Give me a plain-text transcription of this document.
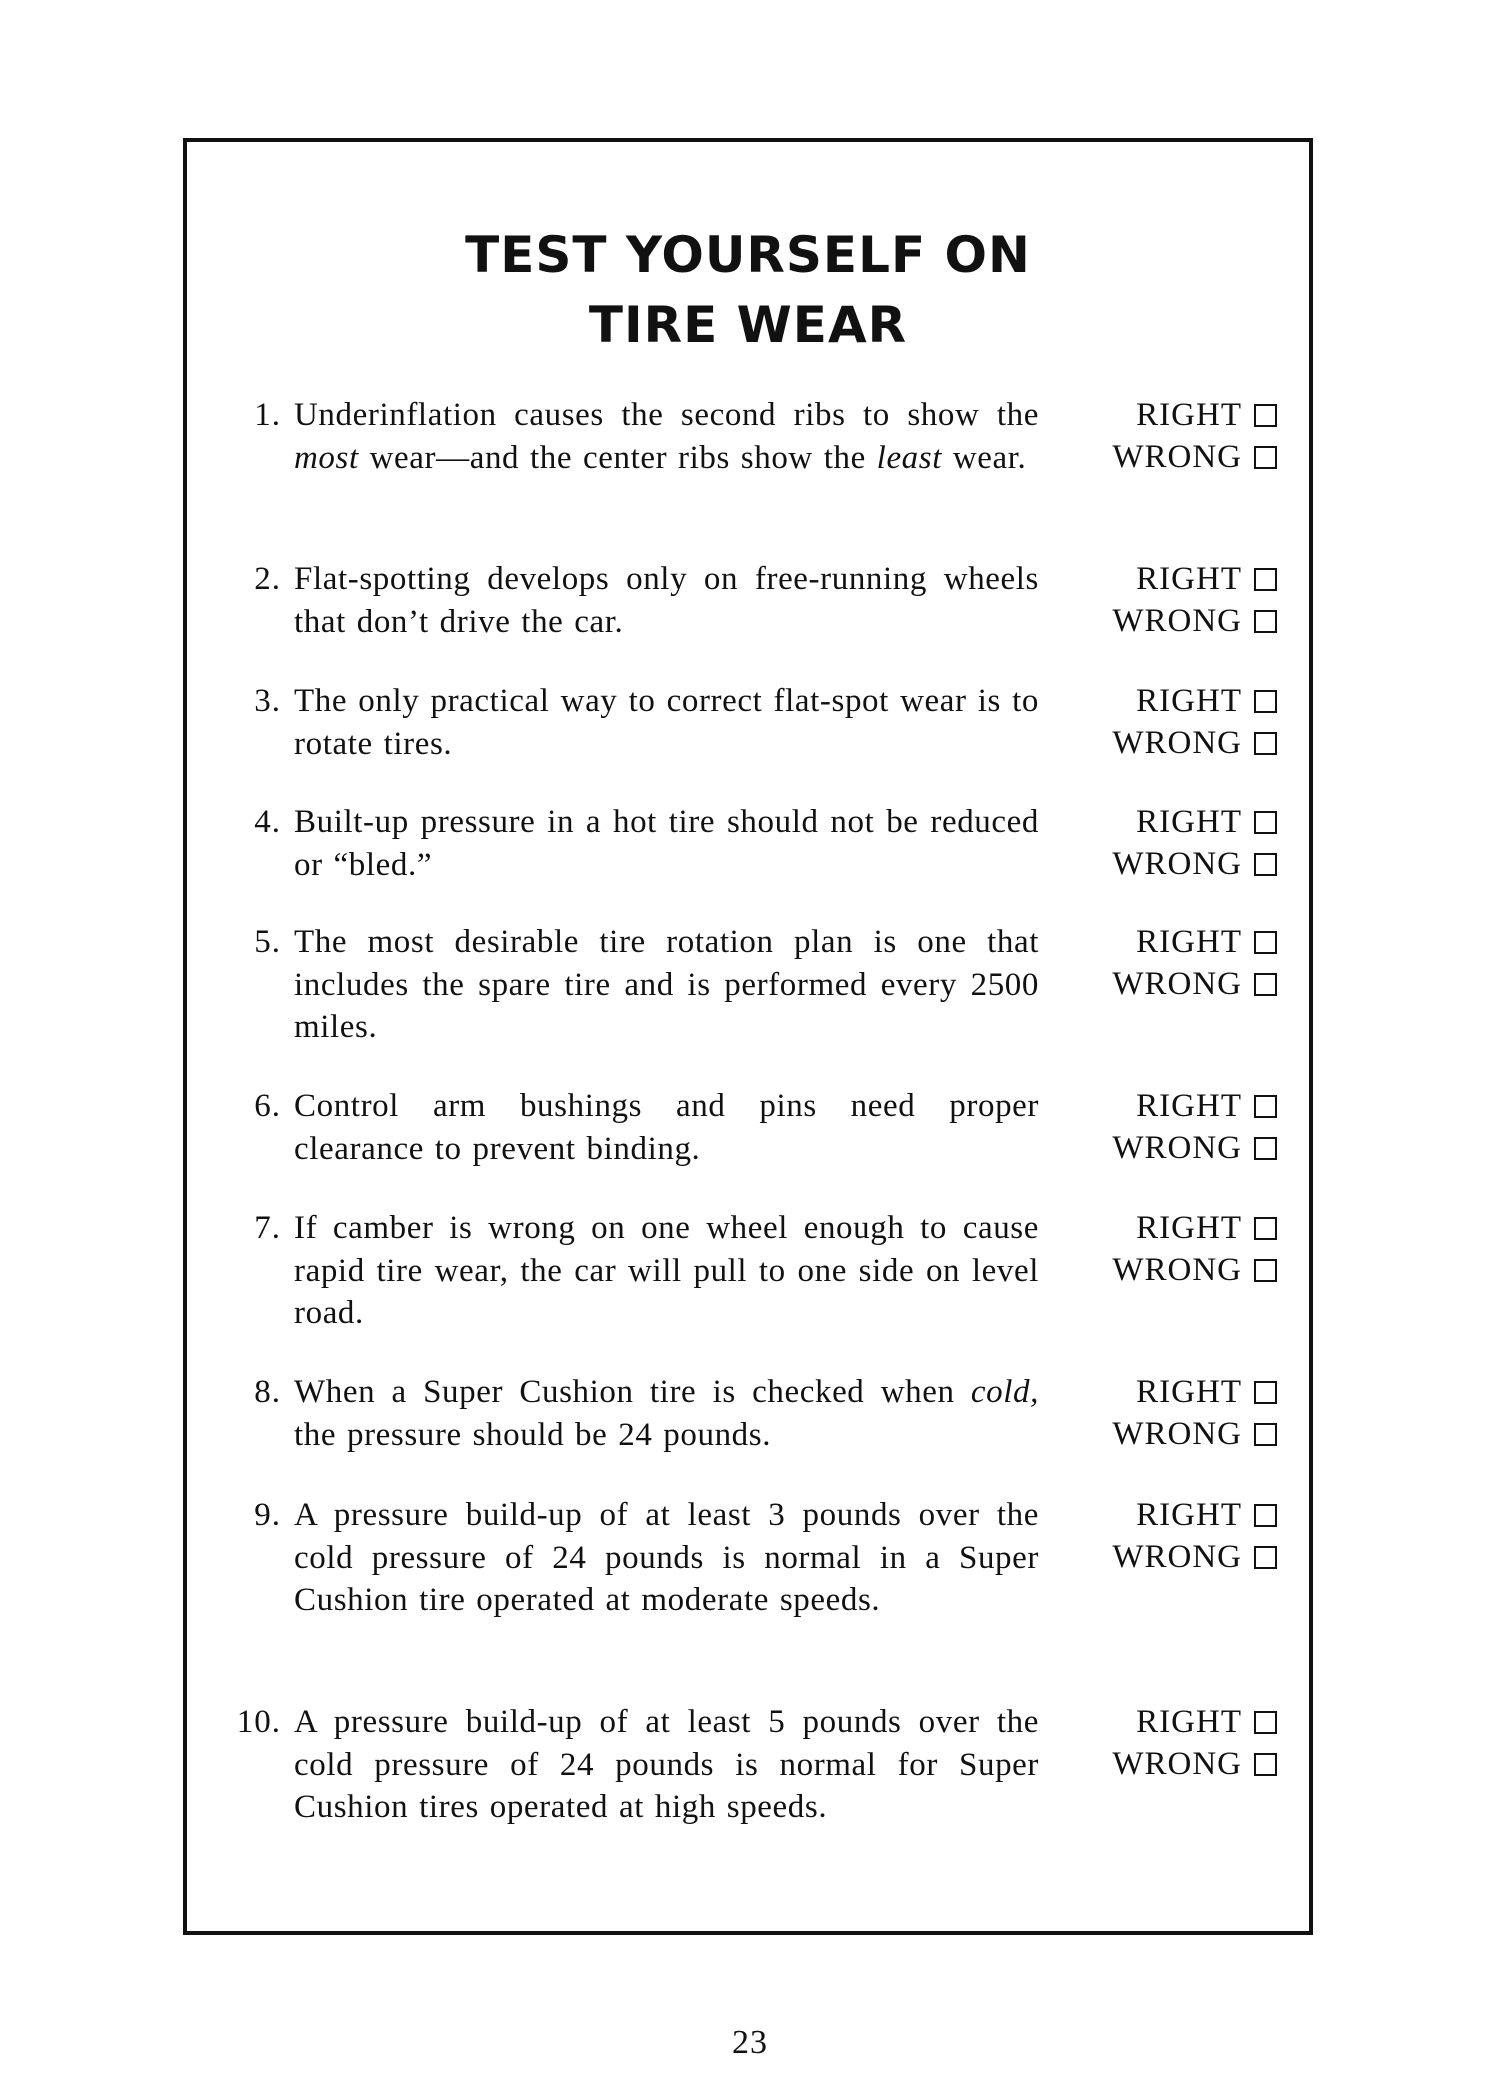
TEST YOURSELF ON
TIRE WEAR
1. Underinflation causes the second ribs to show the most wear—and the center ribs show the least wear.

RIGHT
WRONG
2. Flat-spotting develops only on free-running wheels that don’t drive the car.

RIGHT
WRONG
3. The only practical way to correct flat-spot wear is to rotate tires.

RIGHT
WRONG
4. Built-up pressure in a hot tire should not be reduced or “bled.”

RIGHT
WRONG
5. The most desirable tire rotation plan is one that includes the spare tire and is performed every 2500 miles.

RIGHT
WRONG
6. Control arm bushings and pins need proper clearance to prevent binding.

RIGHT
WRONG
7. If camber is wrong on one wheel enough to cause rapid tire wear, the car will pull to one side on level road.

RIGHT
WRONG
8. When a Super Cushion tire is checked when cold, the pressure should be 24 pounds.

RIGHT
WRONG
9. A pressure build-up of at least 3 pounds over the cold pressure of 24 pounds is normal in a Super Cushion tire operated at moderate speeds.

RIGHT
WRONG
10. A pressure build-up of at least 5 pounds over the cold pressure of 24 pounds is normal for Super Cushion tires operated at high speeds.

RIGHT
WRONG
23
